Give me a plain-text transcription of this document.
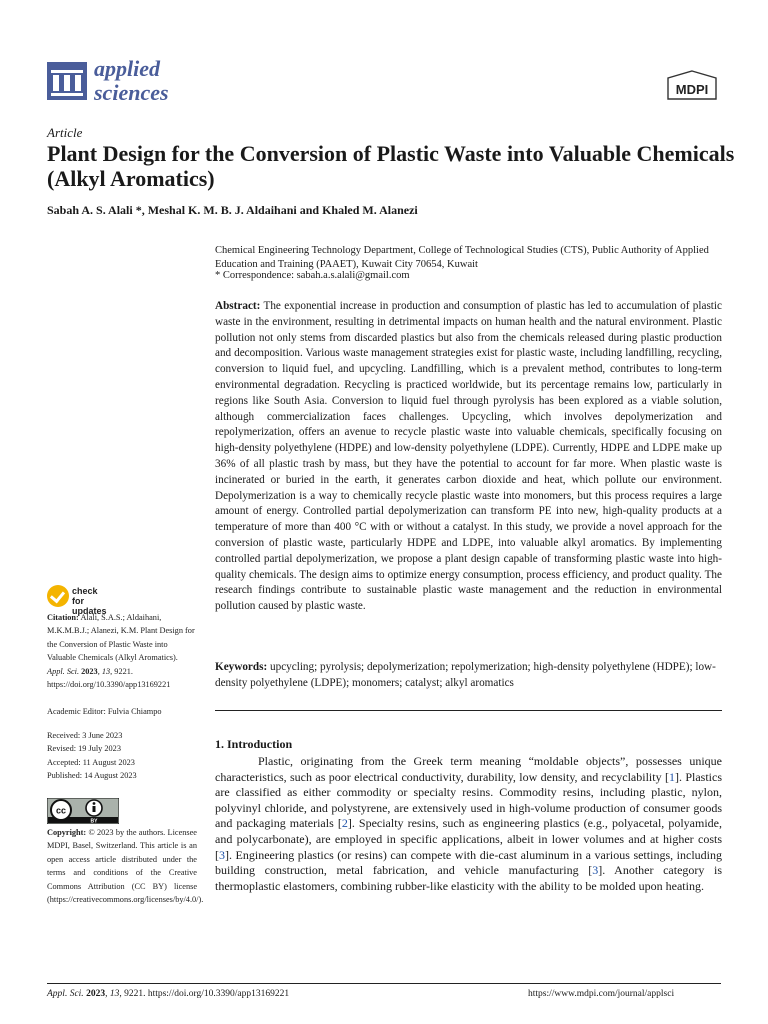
applied
sciences	MDPI
Article
Plant Design for the Conversion of Plastic Waste into Valuable Chemicals (Alkyl Aromatics)
Sabah A. S. Alali *, Meshal K. M. B. J. Aldaihani and Khaled M. Alanezi
Chemical Engineering Technology Department, College of Technological Studies (CTS), Public Authority of Applied Education and Training (PAAET), Kuwait City 70654, Kuwait
* Correspondence: sabah.a.s.alali@gmail.com
Abstract: The exponential increase in production and consumption of plastic has led to accumulation of plastic waste in the environment, resulting in detrimental impacts on human health and the natural environment. Plastic pollution not only stems from discarded plastics but also from the chemicals released during plastic production and decomposition. Various waste management strategies exist for plastic waste, including landfilling, recycling, conversion to liquid fuel, and upcycling. Landfilling, which is a prevalent method, contributes to long-term environmental degradation. Recycling is practiced worldwide, but its percentage remains low, particularly in regions like South Asia. Conversion to liquid fuel through pyrolysis has been explored as a viable solution, although commercialization faces challenges. Upcycling, which involves depolymerization and repolymerization, offers an avenue to recycle plastic waste into valuable chemicals, specifically focusing on high-density polyethylene (HDPE) and low-density polyethylene (LDPE). Currently, HDPE and LDPE make up 36% of all plastic trash by mass, but they have the potential to account for far more. When plastic waste is incinerated or buried in the earth, it generates carbon dioxide and heat, which pollute our environment. Depolymerization is a way to chemically recycle plastic waste into monomers, but this process requires a large amount of energy. Controlled partial depolymerization can transform PE into new, high-quality products at a temperature of more than 400 °C with or without a catalyst. In this study, we provide a novel approach for the conversion of plastic waste, particularly HDPE and LDPE, into valuable alkyl aromatics. By implementing controlled partial depolymerization, we propose a plant design capable of transforming plastic waste into high-quality chemicals. The design aims to optimize energy consumption, process efficiency, and product quality. The research findings contribute to sustainable plastic waste management and the reduction in environmental pollution caused by plastic waste.
Keywords: upcycling; pyrolysis; depolymerization; repolymerization; high-density polyethylene (HDPE); low-density polyethylene (LDPE); monomers; catalyst; alkyl aromatics
1. Introduction
Plastic, originating from the Greek term meaning “moldable objects”, possesses unique characteristics, such as poor electrical conductivity, durability, low density, and recyclability [1]. Plastics are classified as either commodity or specialty resins. Commodity resins, including plastic, nylon, polyvinyl chloride, and polystyrene, are extensively used in high-volume production of consumer goods and packaging materials [2]. Specialty resins, such as engineering plastics (e.g., polyacetal, polyamide, and polycarbonate), are employed in specific applications, albeit in lower volumes and at higher costs [3]. Engineering plastics (or resins) can compete with die-cast aluminum in a various settings, including building construction, metal fabrication, and vehicle manufacturing [3]. Another category is thermoplastic elastomers, combining rubber-like elasticity with the ability to be molded upon heating.
check for
updates
Citation: Alali, S.A.S.; Aldaihani, M.K.M.B.J.; Alanezi, K.M. Plant Design for the Conversion of Plastic Waste into Valuable Chemicals (Alkyl Aromatics). Appl. Sci. 2023, 13, 9221. https://doi.org/10.3390/app13169221
Academic Editor: Fulvia Chiampo
Received: 3 June 2023
Revised: 19 July 2023
Accepted: 11 August 2023
Published: 14 August 2023
cc
BY
Copyright: © 2023 by the authors. Licensee MDPI, Basel, Switzerland. This article is an open access article distributed under the terms and conditions of the Creative Commons Attribution (CC BY) license (https://creativecommons.org/licenses/by/4.0/).
Appl. Sci. 2023, 13, 9221. https://doi.org/10.3390/app13169221	https://www.mdpi.com/journal/applsci
